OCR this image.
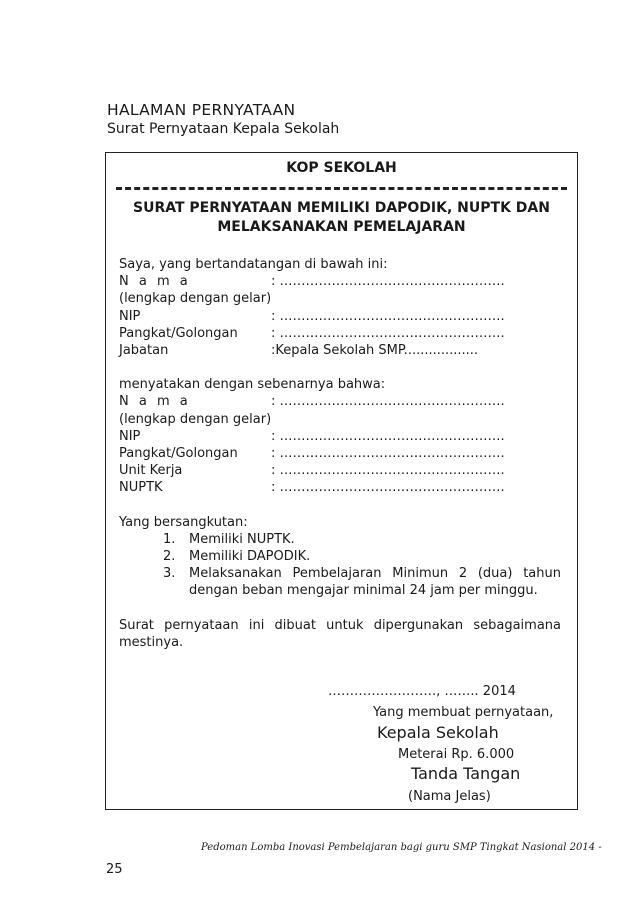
HALAMAN PERNYATAAN
Surat Pernyataan Kepala Sekolah
KOP SEKOLAH
SURAT PERNYATAAN MEMILIKI DAPODIK, NUPTK DAN
MELAKSANAKAN PEMELAJARAN
Saya, yang bertandatangan di bawah ini:
N a m a	: …………………………………………….
(lengkap dengan gelar)
NIP	: …………………………………………….
Pangkat/Golongan	: …………………………………………….
Jabatan	:Kepala Sekolah SMP..................
menyatakan dengan sebenarnya bahwa:
N a m a	: …………………………………………….
(lengkap dengan gelar)
NIP	: …………………………………………….
Pangkat/Golongan	: …………………………………………….
Unit Kerja	: …………………………………………….
NUPTK	: …………………………………………….
Yang bersangkutan:
1.	Memiliki NUPTK.
2.	Memiliki DAPODIK.
3.	Melaksanakan Pembelajaran Minimun 2 (dua) tahun
dengan beban mengajar minimal 24 jam per minggu.
Surat pernyataan ini dibuat untuk dipergunakan sebagaimana
mestinya.
……………………., …….. 2014
Yang membuat pernyataan,
Kepala Sekolah
Meterai Rp. 6.000
Tanda Tangan
(Nama Jelas)
Pedoman Lomba Inovasi Pembelajaran bagi guru SMP Tingkat Nasional 2014 -
25
